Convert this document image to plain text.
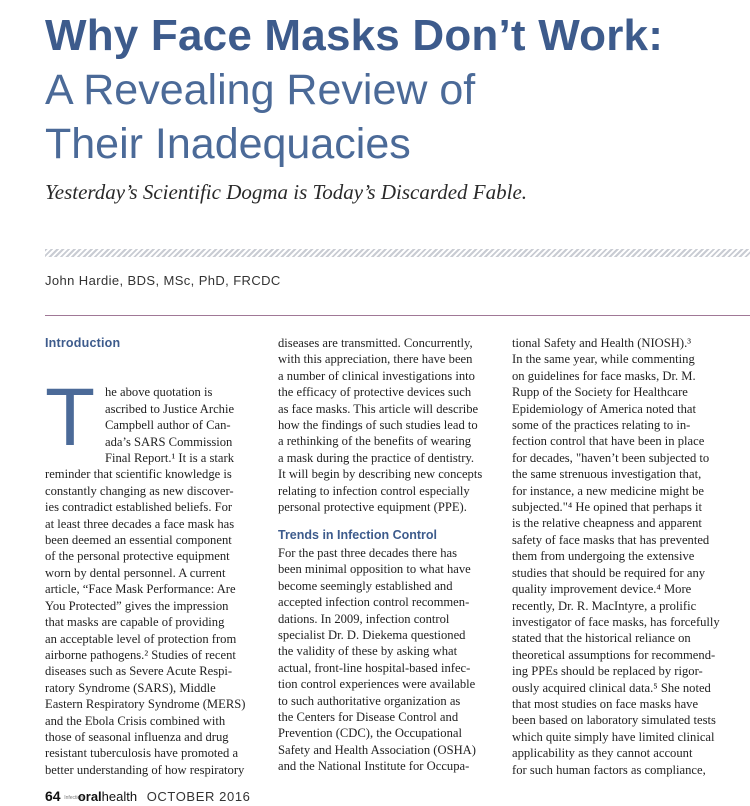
Why Face Masks Don’t Work:
A Revealing Review of
Their Inadequacies
Yesterday’s Scientific Dogma is Today’s Discarded Fable.
John Hardie, BDS, MSc, PhD, FRCDC
Introduction
T he above quotation is
ascribed to Justice Archie
Campbell author of Can-
ada’s SARS Commission
Final Report.¹ It is a stark
reminder that scientific knowledge is
constantly changing as new discover-
ies contradict established beliefs. For
at least three decades a face mask has
been deemed an essential component
of the personal protective equipment
worn by dental personnel. A current
article, “Face Mask Performance: Are
You Protected” gives the impression
that masks are capable of providing
an acceptable level of protection from
airborne pathogens.² Studies of recent
diseases such as Severe Acute Respi-
ratory Syndrome (SARS), Middle
Eastern Respiratory Syndrome (MERS)
and the Ebola Crisis combined with
those of seasonal influenza and drug
resistant tuberculosis have promoted a
better understanding of how respiratory
diseases are transmitted. Concurrently,
with this appreciation, there have been
a number of clinical investigations into
the efficacy of protective devices such
as face masks. This article will describe
how the findings of such studies lead to
a rethinking of the benefits of wearing
a mask during the practice of dentistry.
It will begin by describing new concepts
relating to infection control especially
personal protective equipment (PPE).
Trends in Infection Control
For the past three decades there has
been minimal opposition to what have
become seemingly established and
accepted infection control recommen-
dations. In 2009, infection control
specialist Dr. D. Diekema questioned
the validity of these by asking what
actual, front-line hospital-based infec-
tion control experiences were available
to such authoritative organization as
the Centers for Disease Control and
Prevention (CDC), the Occupational
Safety and Health Association (OSHA)
and the National Institute for Occupa-
tional Safety and Health (NIOSH).³
In the same year, while commenting
on guidelines for face masks, Dr. M.
Rupp of the Society for Healthcare
Epidemiology of America noted that
some of the practices relating to in-
fection control that have been in place
for decades, "haven’t been subjected to
the same strenuous investigation that,
for instance, a new medicine might be
subjected."⁴ He opined that perhaps it
is the relative cheapness and apparent
safety of face masks that has prevented
them from undergoing the extensive
studies that should be required for any
quality improvement device.⁴ More
recently, Dr. R. MacIntyre, a prolific
investigator of face masks, has forcefully
stated that the historical reliance on
theoretical assumptions for recommend-
ing PPEs should be replaced by rigor-
ously acquired clinical data.⁵ She noted
that most studies on face masks have
been based on laboratory simulated tests
which quite simply have limited clinical
applicability as they cannot account
for such human factors as compliance,
64 Infection oralhealth OCTOBER 2016
